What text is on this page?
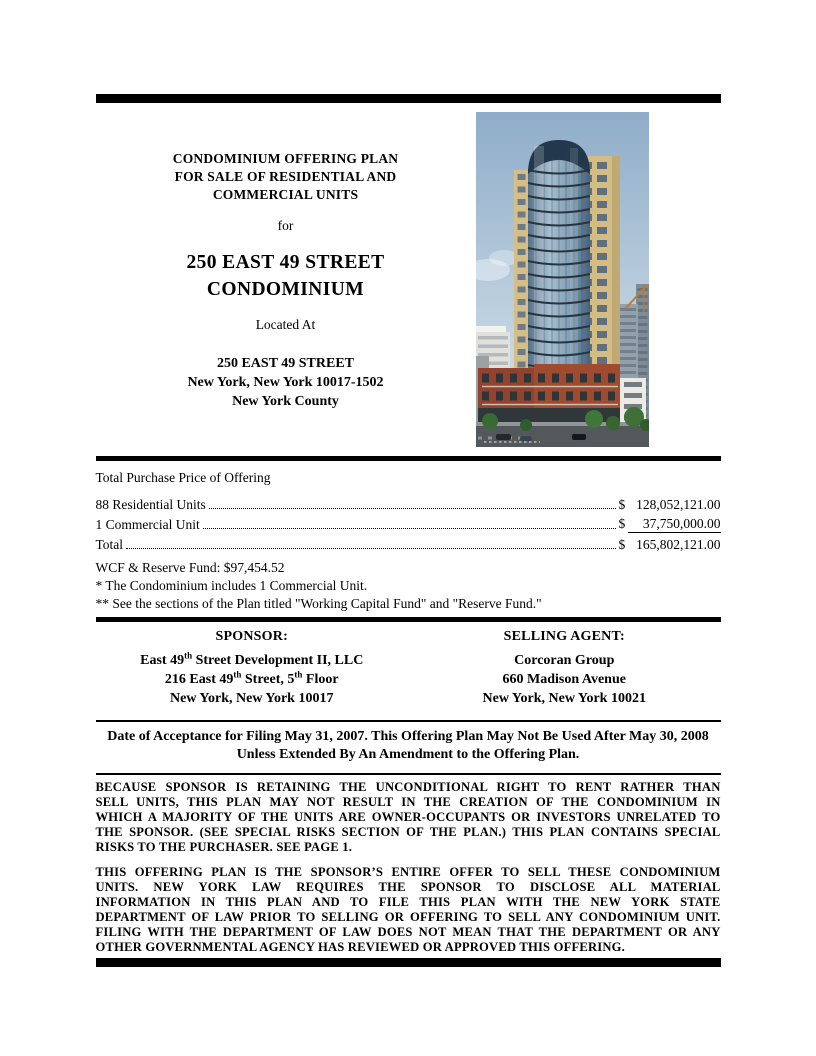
CONDOMINIUM OFFERING PLAN
FOR SALE OF RESIDENTIAL AND
COMMERCIAL UNITS
for
250 EAST 49 STREET
CONDOMINIUM
Located At
250 EAST 49 STREET
New York, New York 10017-1502
New York County
Total Purchase Price of Offering
88 Residential Units	$ 128,052,121.00
1 Commercial Unit	$	37,750,000.00
Total	$ 165,802,121.00
WCF & Reserve Fund: $97,454.52
* The Condominium includes 1 Commercial Unit.
** See the sections of the Plan titled "Working Capital Fund" and "Reserve Fund."
SPONSOR:
East 49th Street Development II, LLC
216 East 49th Street, 5th Floor
New York, New York 10017
SELLING AGENT:
Corcoran Group
660 Madison Avenue
New York, New York 10021
Date of Acceptance for Filing May 31, 2007. This Offering Plan May Not Be Used After May 30, 2008 Unless Extended By An Amendment to the Offering Plan.
BECAUSE SPONSOR IS RETAINING THE UNCONDITIONAL RIGHT TO RENT RATHER THAN
SELL UNITS, THIS PLAN MAY NOT RESULT IN THE CREATION OF THE CONDOMINIUM IN
WHICH A MAJORITY OF THE UNITS ARE OWNER-OCCUPANTS OR INVESTORS UNRELATED TO
THE SPONSOR. (SEE SPECIAL RISKS SECTION OF THE PLAN.) THIS PLAN CONTAINS SPECIAL
RISKS TO THE PURCHASER. SEE PAGE 1.
THIS OFFERING PLAN IS THE SPONSOR’S ENTIRE OFFER TO SELL THESE CONDOMINIUM
UNITS. NEW YORK LAW REQUIRES THE SPONSOR TO DISCLOSE ALL MATERIAL
INFORMATION IN THIS PLAN AND TO FILE THIS PLAN WITH THE NEW YORK STATE
DEPARTMENT OF LAW PRIOR TO SELLING OR OFFERING TO SELL ANY CONDOMINIUM UNIT.
FILING WITH THE DEPARTMENT OF LAW DOES NOT MEAN THAT THE DEPARTMENT OR ANY
OTHER GOVERNMENTAL AGENCY HAS REVIEWED OR APPROVED THIS OFFERING.
